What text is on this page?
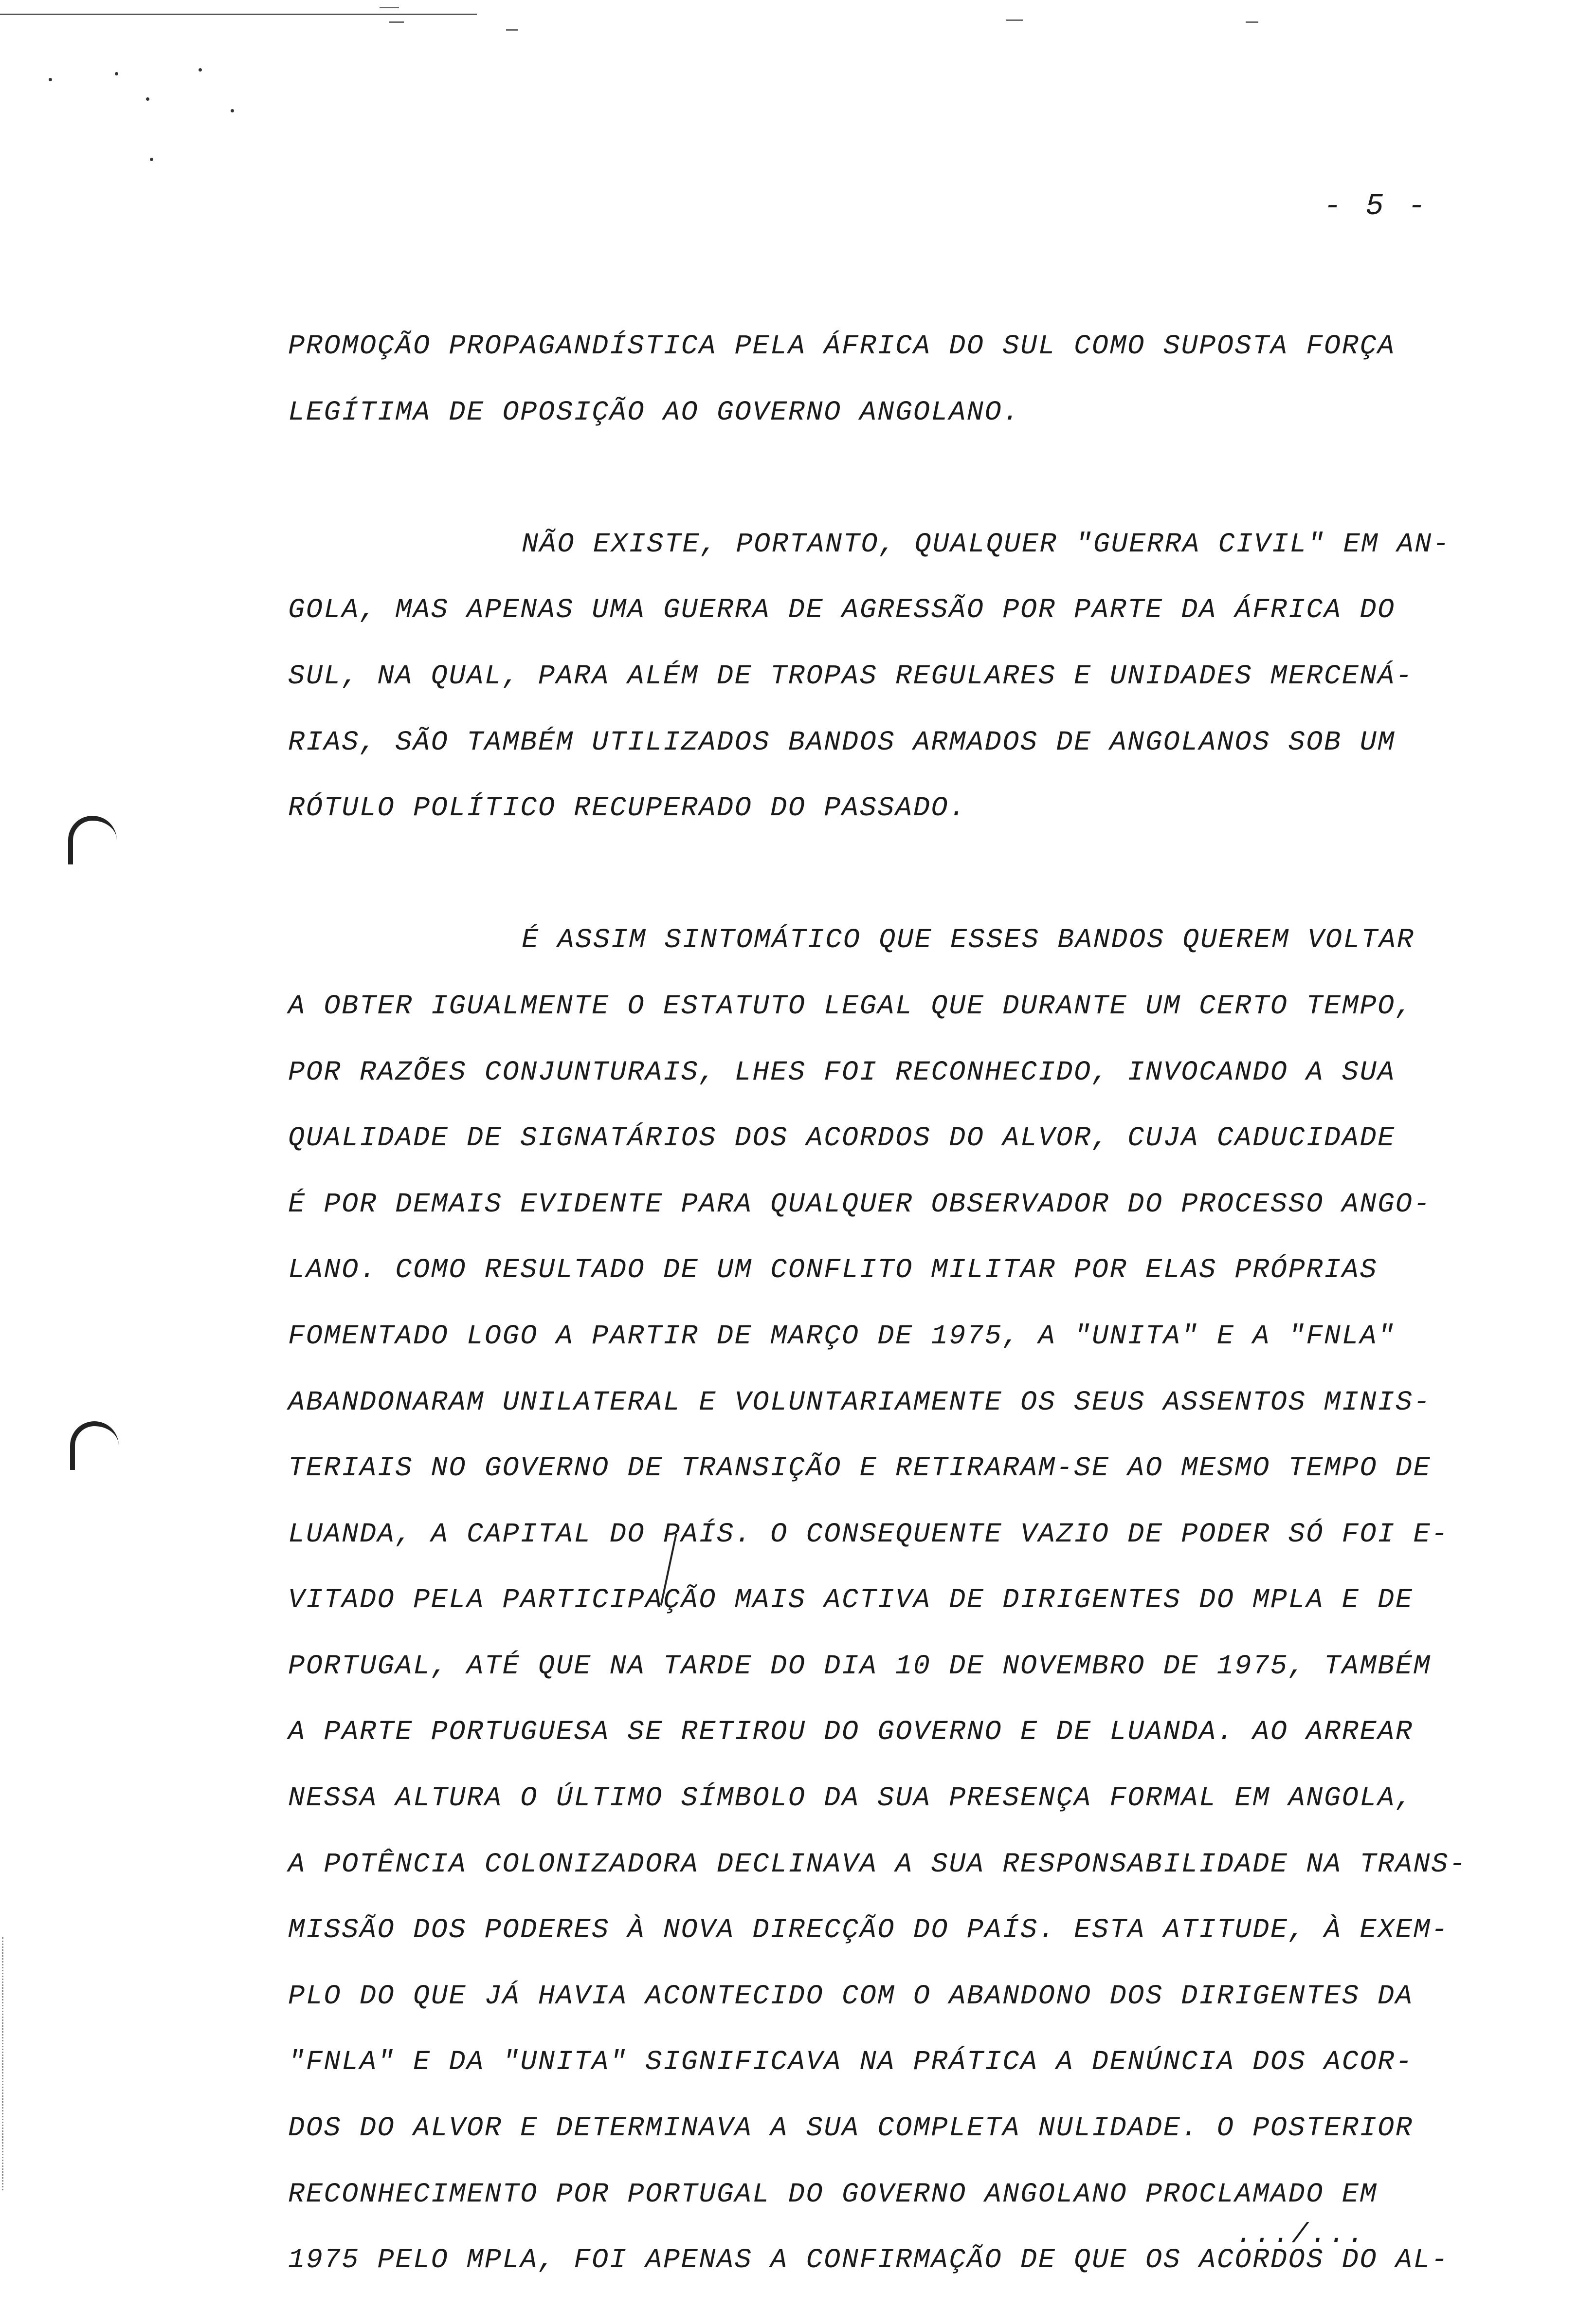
- 5 -
PROMOÇÃO PROPAGANDÍSTICA PELA ÁFRICA DO SUL COMO SUPOSTA FORÇA
LEGÍTIMA DE OPOSIÇÃO AO GOVERNO ANGOLANO.
NÃO EXISTE, PORTANTO, QUALQUER "GUERRA CIVIL" EM AN-
GOLA, MAS APENAS UMA GUERRA DE AGRESSÃO POR PARTE DA ÁFRICA DO
SUL, NA QUAL, PARA ALÉM DE TROPAS REGULARES E UNIDADES MERCENÁ-
RIAS, SÃO TAMBÉM UTILIZADOS BANDOS ARMADOS DE ANGOLANOS SOB UM
RÓTULO POLÍTICO RECUPERADO DO PASSADO.
É ASSIM SINTOMÁTICO QUE ESSES BANDOS QUEREM VOLTAR
A OBTER IGUALMENTE O ESTATUTO LEGAL QUE DURANTE UM CERTO TEMPO,
POR RAZÕES CONJUNTURAIS, LHES FOI RECONHECIDO, INVOCANDO A SUA
QUALIDADE DE SIGNATÁRIOS DOS ACORDOS DO ALVOR, CUJA CADUCIDADE
É POR DEMAIS EVIDENTE PARA QUALQUER OBSERVADOR DO PROCESSO ANGO-
LANO. COMO RESULTADO DE UM CONFLITO MILITAR POR ELAS PRÓPRIAS
FOMENTADO LOGO A PARTIR DE MARÇO DE 1975, A "UNITA" E A "FNLA"
ABANDONARAM UNILATERAL E VOLUNTARIAMENTE OS SEUS ASSENTOS MINIS-
TERIAIS NO GOVERNO DE TRANSIÇÃO E RETIRARAM-SE AO MESMO TEMPO DE
LUANDA, A CAPITAL DO PAÍS. O CONSEQUENTE VAZIO DE PODER SÓ FOI E-
VITADO PELA PARTICIPAÇÃO MAIS ACTIVA DE DIRIGENTES DO MPLA E DE
PORTUGAL, ATÉ QUE NA TARDE DO DIA 10 DE NOVEMBRO DE 1975, TAMBÉM
A PARTE PORTUGUESA SE RETIROU DO GOVERNO E DE LUANDA. AO ARREAR
NESSA ALTURA O ÚLTIMO SÍMBOLO DA SUA PRESENÇA FORMAL EM ANGOLA,
A POTÊNCIA COLONIZADORA DECLINAVA A SUA RESPONSABILIDADE NA TRANS-
MISSÃO DOS PODERES À NOVA DIRECÇÃO DO PAÍS. ESTA ATITUDE, À EXEM-
PLO DO QUE JÁ HAVIA ACONTECIDO COM O ABANDONO DOS DIRIGENTES DA
"FNLA" E DA "UNITA" SIGNIFICAVA NA PRÁTICA A DENÚNCIA DOS ACOR-
DOS DO ALVOR E DETERMINAVA A SUA COMPLETA NULIDADE. O POSTERIOR
RECONHECIMENTO POR PORTUGAL DO GOVERNO ANGOLANO PROCLAMADO EM
1975 PELO MPLA, FOI APENAS A CONFIRMAÇÃO DE QUE OS ACORDOS DO AL-
.../...
